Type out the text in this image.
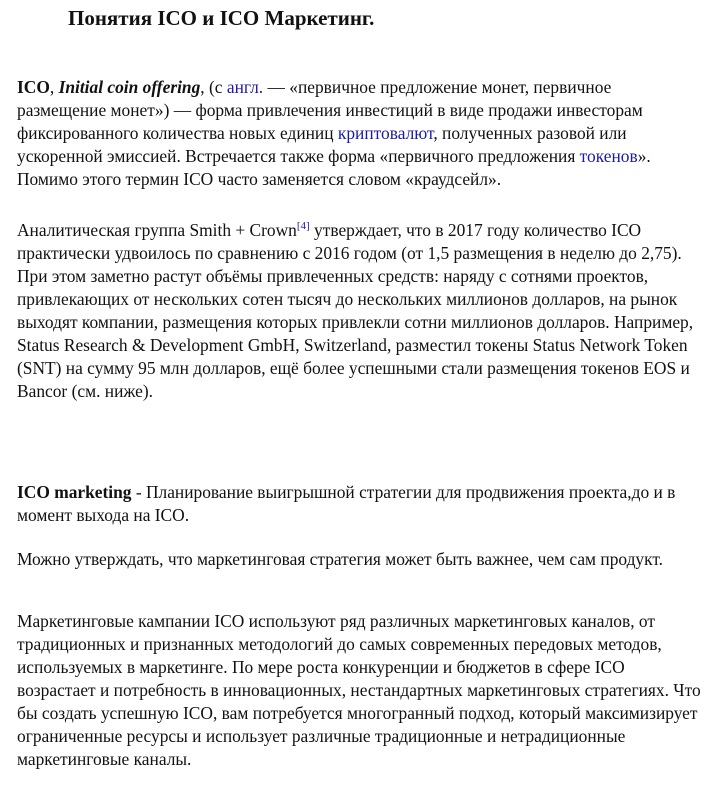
Понятия ICO и ICO Маркетинг.

ICO, Initial coin offering, (с англ. — «первичное предложение монет, первичное размещение монет») — форма привлечения инвестиций в виде продажи инвесторам фиксированного количества новых единиц криптовалют, полученных разовой или ускоренной эмиссией. Встречается также форма «первичного предложения токенов». Помимо этого термин ICO часто заменяется словом «краудсейл».

Аналитическая группа Smith + Crown[4] утверждает, что в 2017 году количество ICO практически удвоилось по сравнению с 2016 годом (от 1,5 размещения в неделю до 2,75). При этом заметно растут объёмы привлеченных средств: наряду с сотнями проектов, привлекающих от нескольких сотен тысяч до нескольких миллионов долларов, на рынок выходят компании, размещения которых привлекли сотни миллионов долларов. Например, Status Research & Development GmbH, Switzerland, разместил токены Status Network Token (SNT) на сумму 95 млн долларов, ещё более успешными стали размещения токенов EOS и Bancor (см. ниже).

ICO marketing - Планирование выигрышной стратегии для продвижения проекта,до и в момент выхода на ICO.

Можно утверждать, что маркетинговая стратегия может быть важнее, чем сам продукт.

Маркетинговые кампании ICO используют ряд различных маркетинговых каналов, от традиционных и признанных методологий до самых современных передовых методов, используемых в маркетинге. По мере роста конкуренции и бюджетов в сфере ICO возрастает и потребность в инновационных, нестандартных маркетинговых стратегиях. Что бы создать успешную ICO, вам потребуется многогранный подход, который максимизирует ограниченные ресурсы и использует различные традиционные и нетрадиционные маркетинговые каналы.
